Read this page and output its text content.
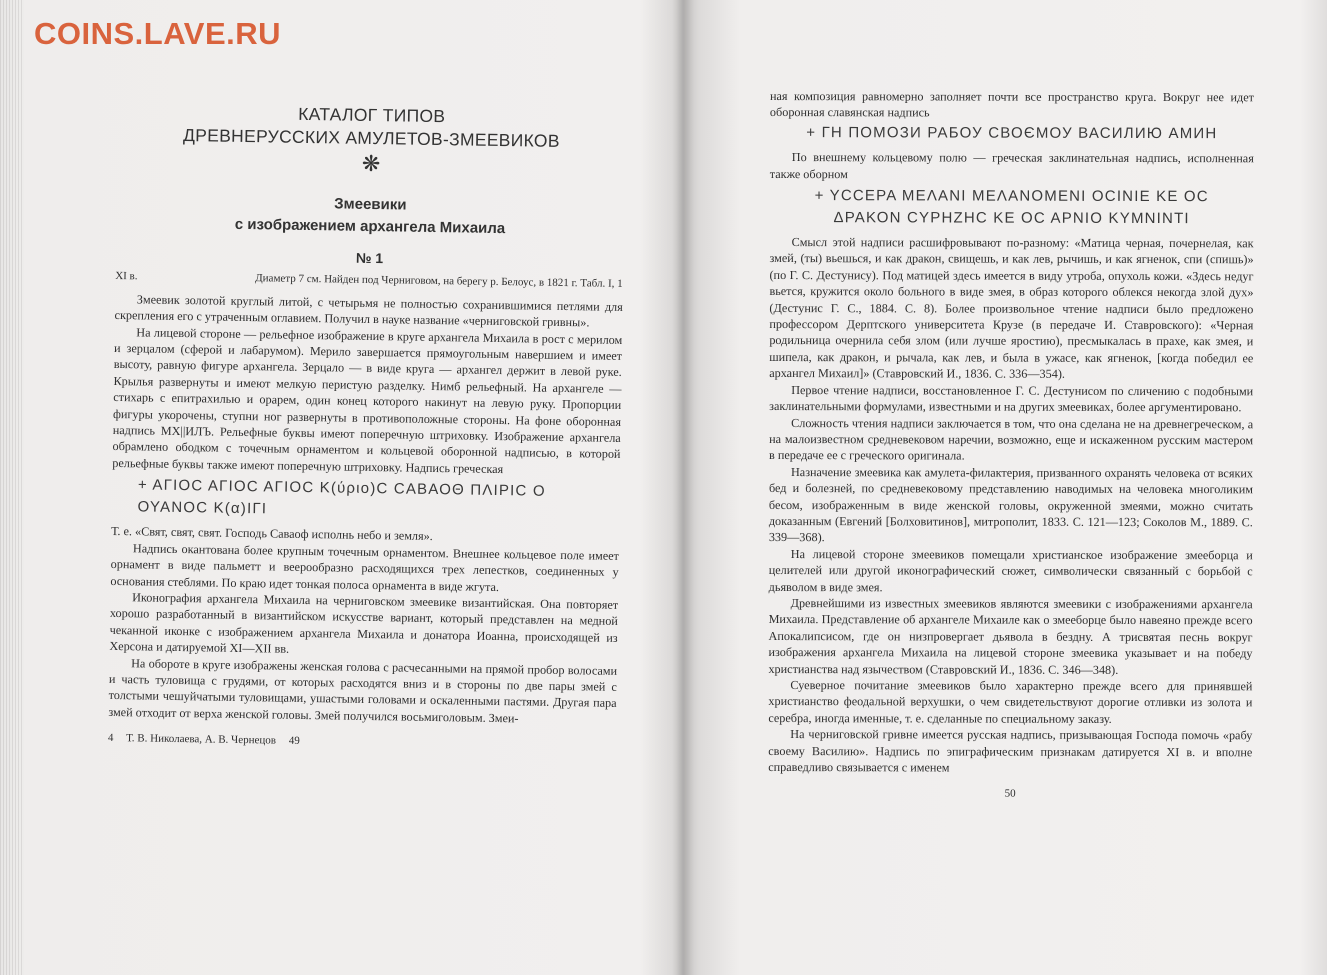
COINS.LAVE.RU
КАТАЛОГ ТИПОВ
ДРЕВНЕРУССКИХ АМУЛЕТОВ-ЗМЕЕВИКОВ
❋
Змеевики
с изображением архангела Михаила
№ 1
XI в.	Диаметр 7 см. Найден под Черниговом, на берегу р. Белоус, в 1821 г. Табл. I, 1

Змеевик золотой круглый литой, с четырьмя не полностью сохранившимися петлями для скрепления его с утраченным оглавием. Получил в науке название «черниговской гривны».

На лицевой стороне — рельефное изображение в круге архангела Михаила в рост с мерилом и зерцалом (сферой и лабарумом). Мерило завершается прямоугольным навершием и имеет высоту, равную фигуре архангела. Зерцало — в виде круга — архангел держит в левой руке. Крылья развернуты и имеют мелкую перистую разделку. Нимб рельефный. На архангеле — стихарь с епитрахилью и орарем, один конец которого накинут на левую руку. Пропорции фигуры укорочены, ступни ног развернуты в противоположные стороны. На фоне оборонная надпись МХ||ИЛЪ. Рельефные буквы имеют поперечную штриховку. Изображение архангела обрамлено ободком с точечным орнаментом и кольцевой оборонной надписью, в которой рельефные буквы также имеют поперечную штриховку. Надпись греческая

+ ΑΓΙΟϹ ΑΓΙΟϹ ΑΓΙΟϹ Κ(ύριο)Ϲ ϹΑΒΑΟΘ ΠΛΙΡΙϹ Ο
ΟΥΑΝΟϹ Κ(α)ΙΓΙ

Т. е. «Свят, свят, свят. Господь Саваоф исполнь небо и земля».

Надпись окантована более крупным точечным орнаментом. Внешнее кольцевое поле имеет орнамент в виде пальметт и веерообразно расходящихся трех лепестков, соединенных у основания стеблями. По краю идет тонкая полоса орнамента в виде жгута.

Иконография архангела Михаила на черниговском змеевике византийская. Она повторяет хорошо разработанный в византийском искусстве вариант, который представлен на медной чеканной иконке с изображением архангела Михаила и донатора Иоанна, происходящей из Херсона и датируемой XI—XII вв.

На обороте в круге изображены женская голова с расчесанными на прямой пробор волосами и часть туловища с грудями, от которых расходятся вниз и в стороны по две пары змей с толстыми чешуйчатыми туловищами, ушастыми головами и оскаленными пастями. Другая пара змей отходит от верха женской головы. Змей получился восьмиголовым. Змеи-

4 Т. В. Николаева, А. В. Чернецов 49

ная композиция равномерно заполняет почти все пространство круга. Вокруг нее идет оборонная славянская надпись

+ ГН ПОМОЗИ РАБОУ СВОЄМОУ ВАСИЛИЮ АМИН

По внешнему кольцевому полю — греческая заклинательная надпись, исполненная также оборном

+ ΥϹϹΕΡΑ ΜΕΛΑΝΙ ΜΕΛΑΝΟΜΕΝΙ ΟϹΙΝΙΕ ΚΕ ΟϹ
ΔΡΑΚΟΝ ϹΥΡΗΖΗϹ ΚΕ ΟϹ ΑΡΝΙΟ ΚΥΜΝΙΝΤΙ

Смысл этой надписи расшифровывают по-разному: «Матица черная, почернелая, как змей, (ты) вьешься, и как дракон, свищешь, и как лев, рычишь, и как ягненок, спи (спишь)» (по Г. С. Дестунису). Под матицей здесь имеется в виду утроба, опухоль кожи. «Здесь недуг вьется, кружится около больного в виде змея, в образ которого облекся некогда злой дух» (Дестунис Г. С., 1884. С. 8). Более произвольное чтение надписи было предложено профессором Дерптского университета Крузе (в передаче И. Ставровского): «Черная родильница очернила себя злом (или лучше яростию), пресмыкалась в прахе, как змея, и шипела, как дракон, и рычала, как лев, и была в ужасе, как ягненок, [когда победил ее архангел Михаил]» (Ставровский И., 1836. С. 336—354).

Первое чтение надписи, восстановленное Г. С. Дестунисом по сличению с подобными заклинательными формулами, известными и на других змеевиках, более аргументировано.

Сложность чтения надписи заключается в том, что она сделана не на древнегреческом, а на малоизвестном средневековом наречии, возможно, еще и искаженном русским мастером в передаче ее с греческого оригинала.

Назначение змеевика как амулета-филактерия, призванного охранять человека от всяких бед и болезней, по средневековому представлению наводимых на человека многоликим бесом, изображенным в виде женской головы, окруженной змеями, можно считать доказанным (Евгений [Болховитинов], митрополит, 1833. С. 121—123; Соколов М., 1889. С. 339—368).

На лицевой стороне змеевиков помещали христианское изображение змееборца и целителей или другой иконографический сюжет, символически связанный с борьбой с дьяволом в виде змея.

Древнейшими из известных змеевиков являются змеевики с изображениями архангела Михаила. Представление об архангеле Михаиле как о змееборце было навеяно прежде всего Апокалипсисом, где он низпровергает дьявола в бездну. А трисвятая песнь вокруг изображения архангела Михаила на лицевой стороне змеевика указывает и на победу христианства над язычеством (Ставровский И., 1836. С. 346—348).

Суеверное почитание змеевиков было характерно прежде всего для принявшей христианство феодальной верхушки, о чем свидетельствуют дорогие отливки из золота и серебра, иногда именные, т. е. сделанные по специальному заказу.

На черниговской гривне имеется русская надпись, призывающая Господа помочь «рабу своему Василию». Надпись по эпиграфическим признакам датируется XI в. и вполне справедливо связывается с именем

50
